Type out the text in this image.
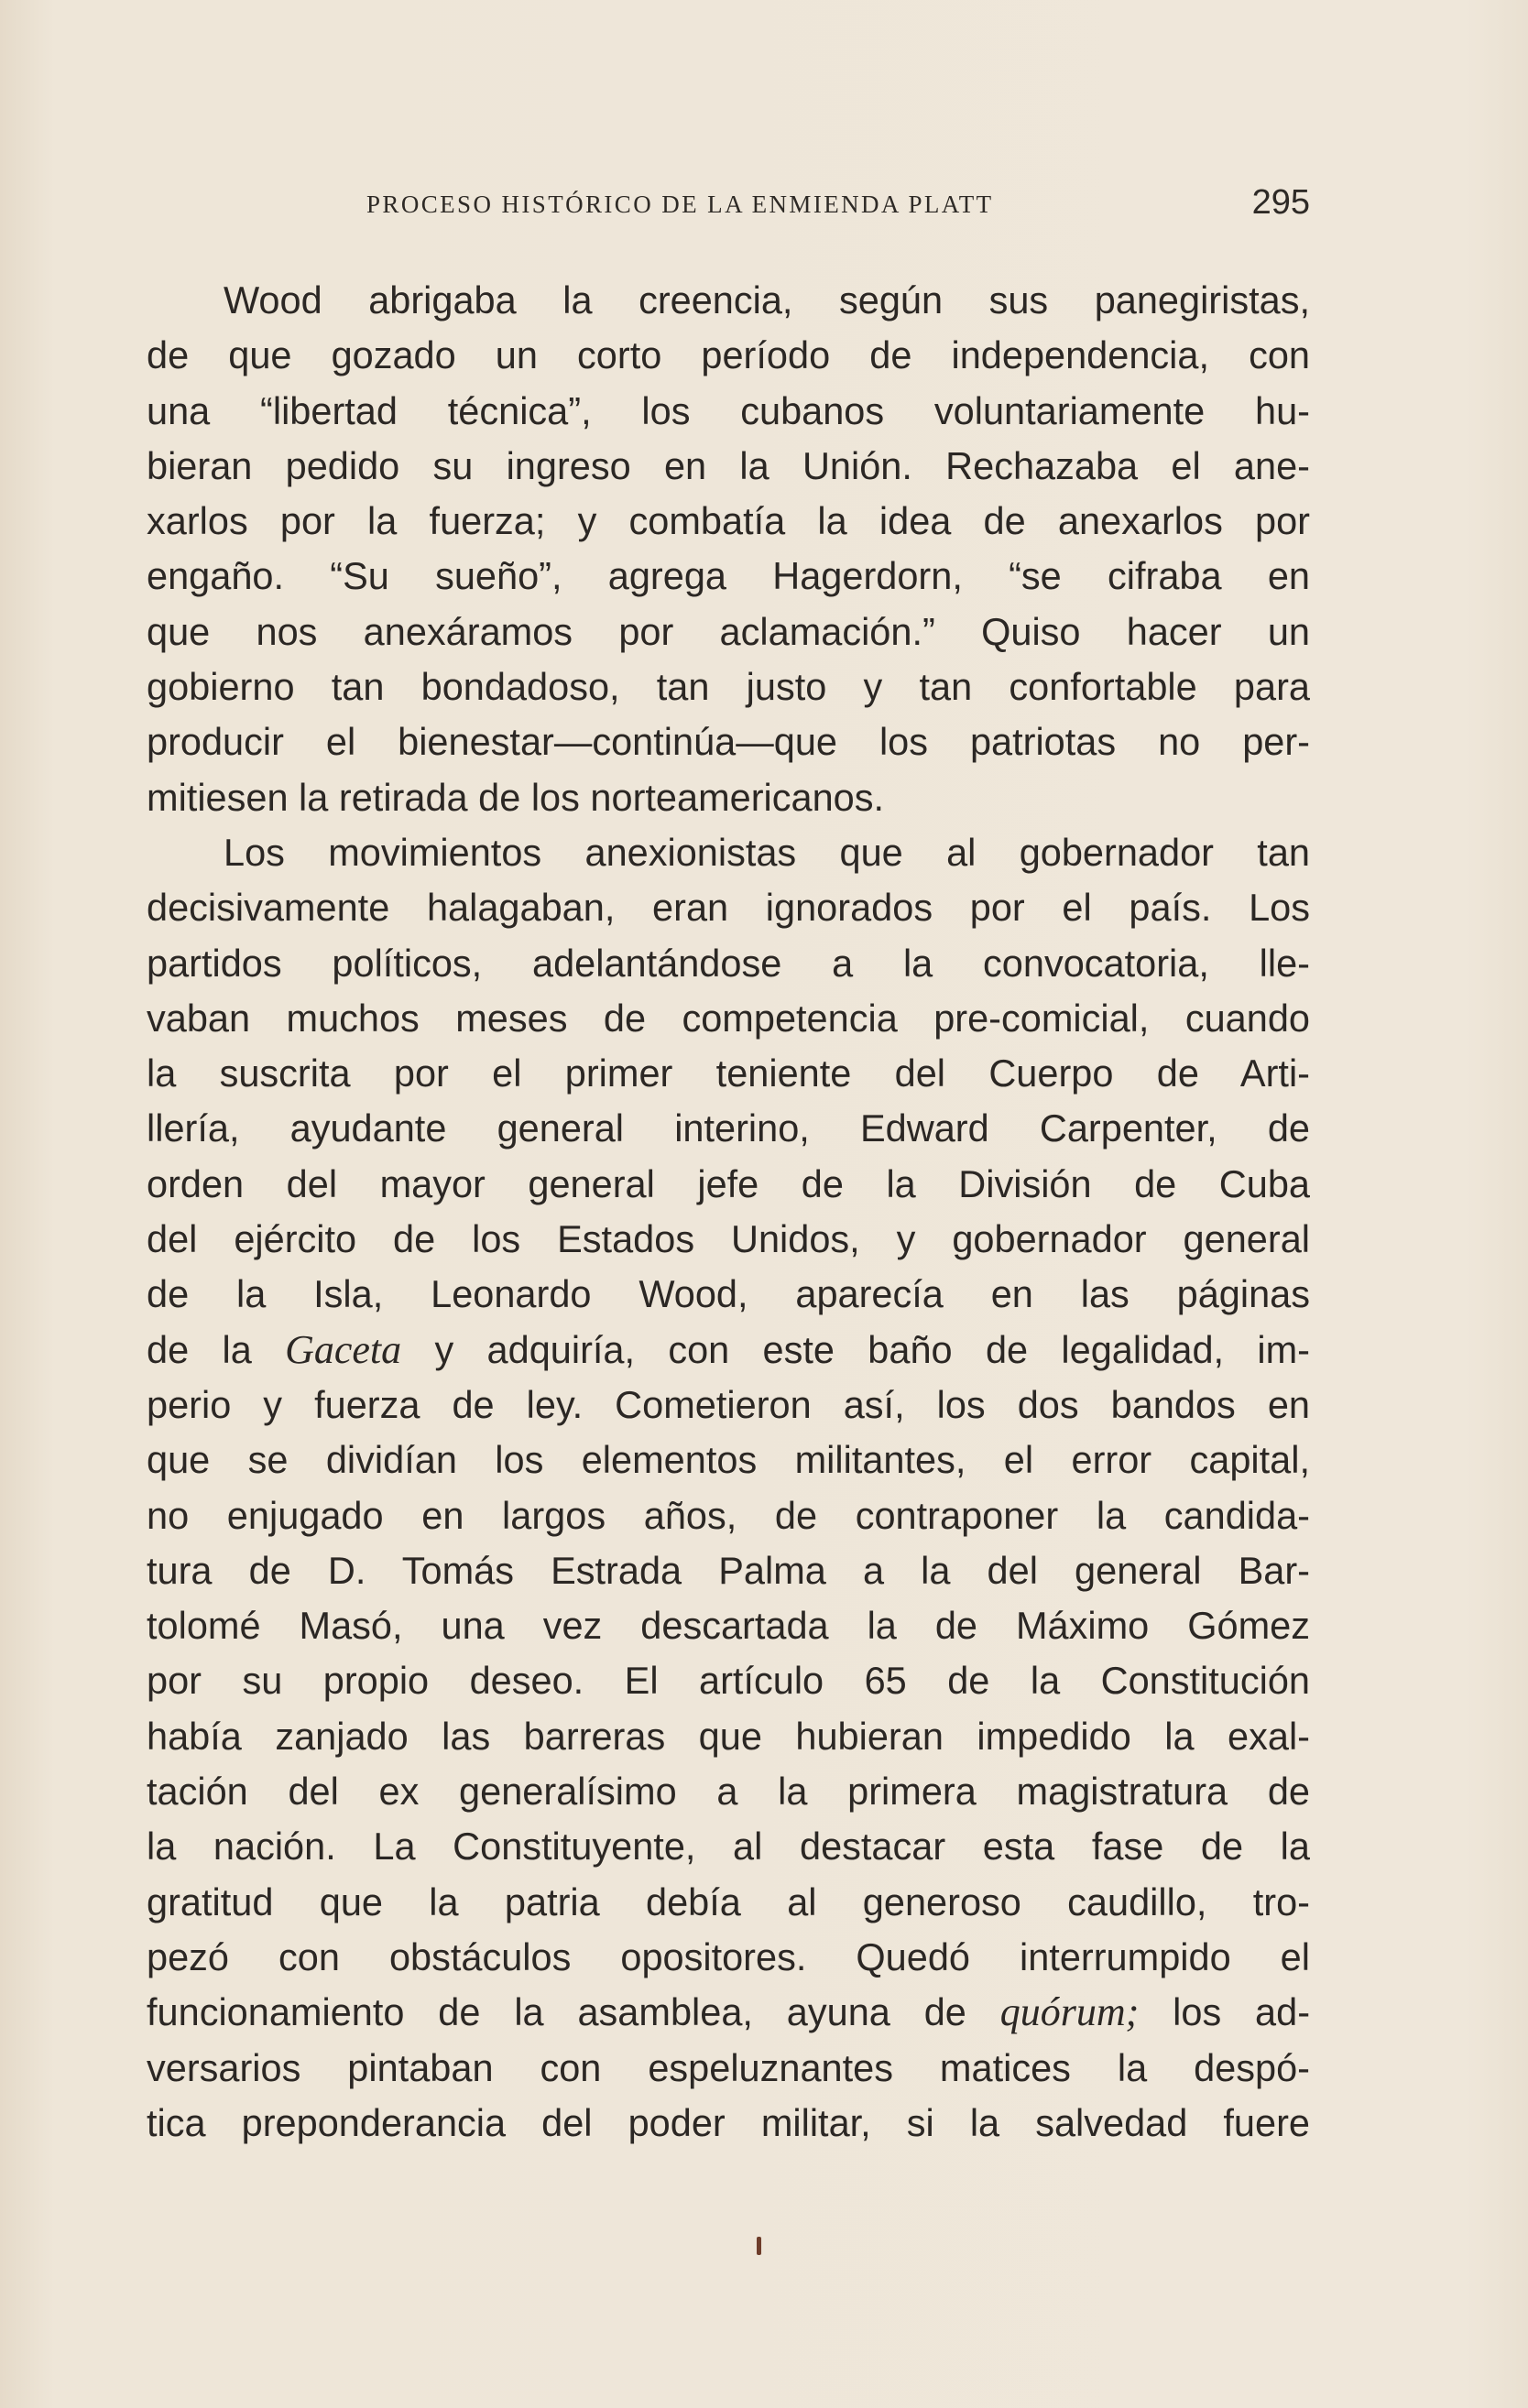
PROCESO HISTÓRICO DE LA ENMIENDA PLATT	295
Wood abrigaba la creencia, según sus panegiristas,
de que gozado un corto período de independencia, con
una “libertad técnica”, los cubanos voluntariamente hu-
bieran pedido su ingreso en la Unión. Rechazaba el ane-
xarlos por la fuerza; y combatía la idea de anexarlos por
engaño. “Su sueño”, agrega Hagerdorn, “se cifraba en
que nos anexáramos por aclamación.” Quiso hacer un
gobierno tan bondadoso, tan justo y tan confortable para
producir el bienestar—continúa—que los patriotas no per-
mitiesen la retirada de los norteamericanos.
Los movimientos anexionistas que al gobernador tan
decisivamente halagaban, eran ignorados por el país. Los
partidos políticos, adelantándose a la convocatoria, lle-
vaban muchos meses de competencia pre-comicial, cuando
la suscrita por el primer teniente del Cuerpo de Arti-
llería, ayudante general interino, Edward Carpenter, de
orden del mayor general jefe de la División de Cuba
del ejército de los Estados Unidos, y gobernador general
de la Isla, Leonardo Wood, aparecía en las páginas
de la Gaceta y adquiría, con este baño de legalidad, im-
perio y fuerza de ley. Cometieron así, los dos bandos en
que se dividían los elementos militantes, el error capital,
no enjugado en largos años, de contraponer la candida-
tura de D. Tomás Estrada Palma a la del general Bar-
tolomé Masó, una vez descartada la de Máximo Gómez
por su propio deseo. El artículo 65 de la Constitución
había zanjado las barreras que hubieran impedido la exal-
tación del ex generalísimo a la primera magistratura de
la nación. La Constituyente, al destacar esta fase de la
gratitud que la patria debía al generoso caudillo, tro-
pezó con obstáculos opositores. Quedó interrumpido el
funcionamiento de la asamblea, ayuna de quórum; los ad-
versarios pintaban con espeluznantes matices la despó-
tica preponderancia del poder militar, si la salvedad fuere
